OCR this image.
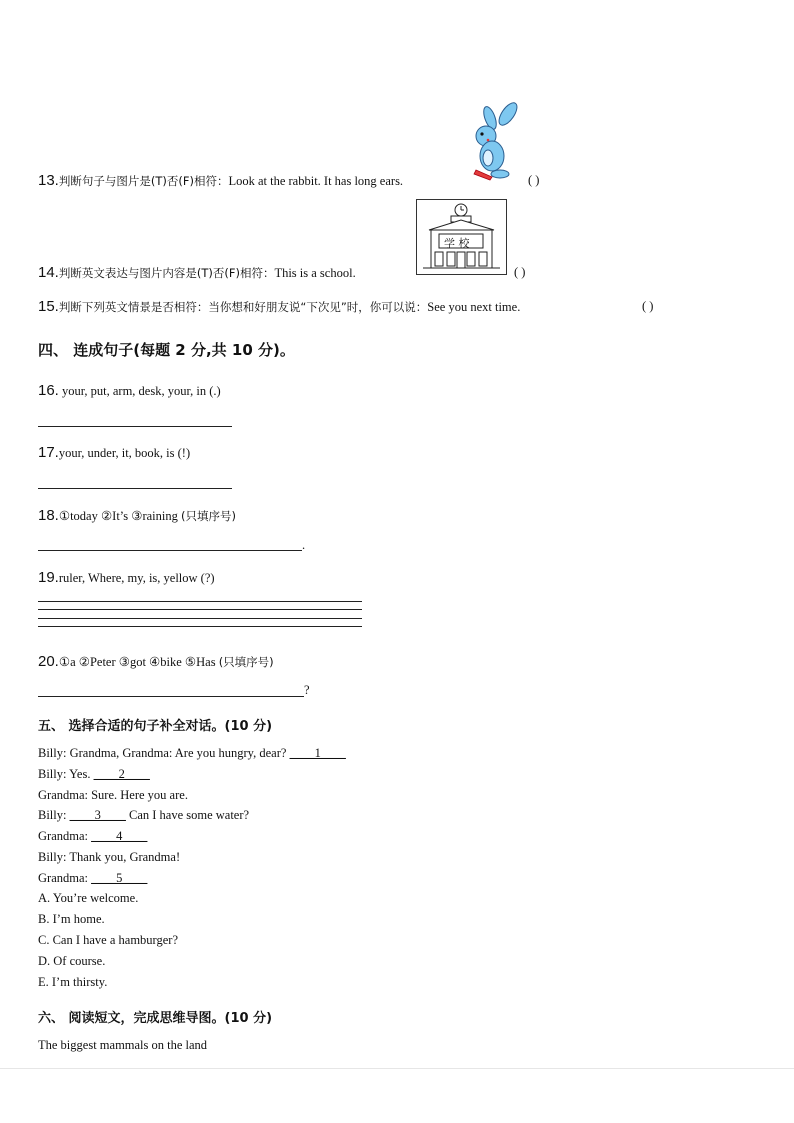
13.判断句子与图片是(T)否(F)相符：Look at the rabbit. It has long ears.	( )
学 校
14.判断英文表达与图片内容是(T)否(F)相符：This is a school.	( )
15.判断下列英文情景是否相符：当你想和好朋友说“下次见”时，你可以说：See you next time.	( )
四、 连成句子(每题 2 分,共 10 分)。
16. your, put, arm, desk, your, in (.)
17.your, under, it, book, is (!)
18.①today ②It’s ③raining (只填序号)
.
19.ruler, Where, my, is, yellow (?)
20.①a ②Peter ③got ④bike ⑤Has (只填序号)
?
五、 选择合适的句子补全对话。(10 分)
Billy: Grandma, Grandma: Are you hungry, dear? ____1____
Billy: Yes. ____2____
Grandma: Sure. Here you are.
Billy: ____3____ Can I have some water?
Grandma: ____4____
Billy: Thank you, Grandma!
Grandma: ____5____
A. You’re welcome.
B. I’m home.
C. Can I have a hamburger?
D. Of course.
E. I’m thirsty.
六、 阅读短文，完成思维导图。(10 分)
The biggest mammals on the land
